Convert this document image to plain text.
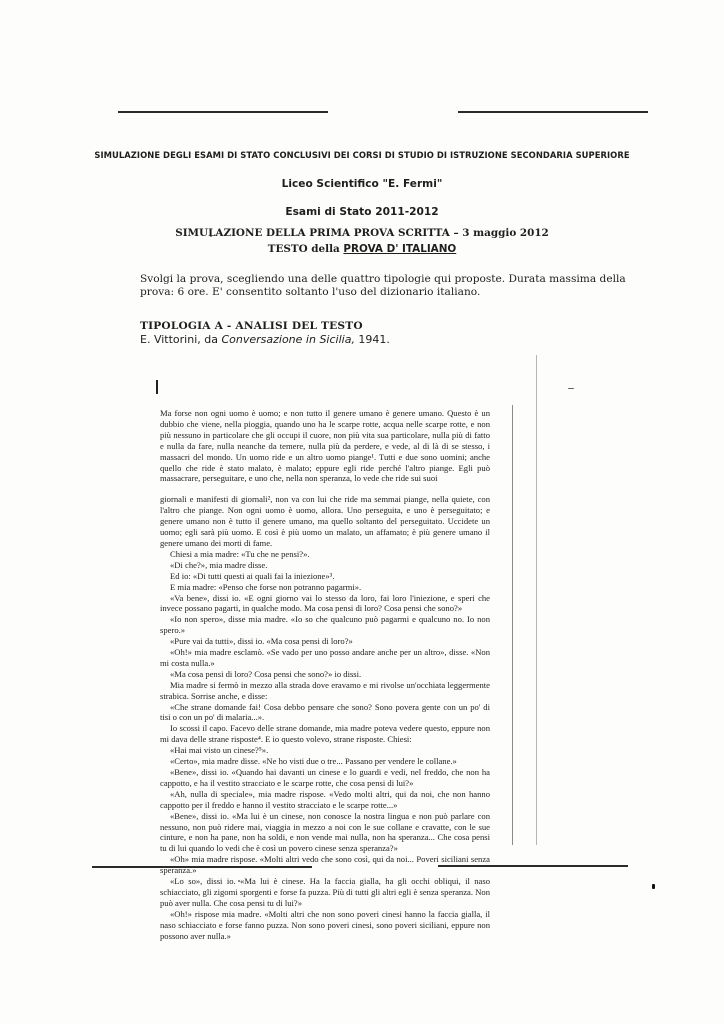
SIMULAZIONE DEGLI ESAMI DI STATO CONCLUSIVI DEI CORSI DI STUDIO DI ISTRUZIONE SECONDARIA SUPERIORE
Liceo Scientifico "E. Fermi"
Esami di Stato 2011-2012
SIMULAZIONE DELLA PRIMA PROVA SCRITTA – 3 maggio 2012
TESTO della PROVA D' ITALIANO
Svolgi la prova, scegliendo una delle quattro tipologie qui proposte. Durata massima della prova: 6 ore. E' consentito soltanto l'uso del dizionario italiano.
TIPOLOGIA A - ANALISI DEL TESTO
E. Vittorini, da Conversazione in Sicilia, 1941.

Ma forse non ogni uomo è uomo; e non tutto il genere umano è genere umano. Questo è un dubbio che viene, nella pioggia, quando uno ha le scarpe rotte, acqua nelle scarpe rotte, e non più nessuno in particolare che gli occupi il cuore, non più vita sua particolare, nulla più di fatto e nulla da fare, nulla neanche da temere, nulla più da perdere, e vede, al di là di se stesso, i massacri del mondo. Un uomo ride e un altro uomo piange¹. Tutti e due sono uomini; anche quello che ride è stato malato, è malato; eppure egli ride perché l'altro piange. Egli può massacrare, perseguitare, e uno che, nella non speranza, lo vede che ride sui suoi

giornali e manifesti di giornali², non va con lui che ride ma semmai piange, nella quiete, con l'altro che piange. Non ogni uomo è uomo, allora. Uno perseguita, e uno è perseguitato; e genere umano non è tutto il genere umano, ma quello soltanto del perseguitato. Uccidete un uomo; egli sarà più uomo. E così è più uomo un malato, un affamato; è più genere umano il genere umano dei morti di fame.

Chiesi a mia madre: «Tu che ne pensi?».

«Di che?», mia madre disse.

Ed io: «Di tutti questi ai quali fai la iniezione»³.

E mia madre: «Penso che forse non potranno pagarmi».

«Va bene», dissi io. «E ogni giorno vai lo stesso da loro, fai loro l'iniezione, e speri che invece possano pagarti, in qualche modo. Ma cosa pensi di loro? Cosa pensi che sono?»

«Io non spero», disse mia madre. «Io so che qualcuno può pagarmi e qualcuno no. Io non spero.»

«Pure vai da tutti», dissi io. «Ma cosa pensi di loro?»

«Oh!» mia madre esclamò. «Se vado per uno posso andare anche per un altro», disse. «Non mi costa nulla.»

«Ma cosa pensi di loro? Cosa pensi che sono?» io dissi.

Mia madre si fermò in mezzo alla strada dove eravamo e mi rivolse un'occhiata leggermente strabica. Sorrise anche, e disse:

«Che strane domande fai! Cosa debbo pensare che sono? Sono povera gente con un po' di tisi o con un po' di malaria...».

Io scossi il capo. Facevo delle strane domande, mia madre poteva vedere questo, eppure non mi dava delle strane risposte⁴. E io questo volevo, strane risposte. Chiesi:

«Hai mai visto un cinese?⁵».

«Certo», mia madre disse. «Ne ho visti due o tre... Passano per vendere le collane.»

«Bene», dissi io. «Quando hai davanti un cinese e lo guardi e vedi, nel freddo, che non ha cappotto, e ha il vestito stracciato e le scarpe rotte, che cosa pensi di lui?»

«Ah, nulla di speciale», mia madre rispose. «Vedo molti altri, qui da noi, che non hanno cappotto per il freddo e hanno il vestito stracciato e le scarpe rotte...»

«Bene», dissi io. «Ma lui è un cinese, non conosce la nostra lingua e non può parlare con nessuno, non può ridere mai, viaggia in mezzo a noi con le sue collane e cravatte, con le sue cinture, e non ha pane, non ha soldi, e non vende mai nulla, non ha speranza... Che cosa pensi tu di lui quando lo vedi che è così un povero cinese senza speranza?»

«Oh» mia madre rispose. «Molti altri vedo che sono così, qui da noi... Poveri siciliani senza speranza.»

«Lo so», dissi io. «Ma lui è cinese. Ha la faccia gialla, ha gli occhi obliqui, il naso schiacciato, gli zigomi sporgenti e forse fa puzza. Più di tutti gli altri egli è senza speranza. Non può aver nulla. Che cosa pensi tu di lui?»

«Oh!» rispose mia madre. «Molti altri che non sono poveri cinesi hanno la faccia gialla, il naso schiacciato e forse fanno puzza. Non sono poveri cinesi, sono poveri siciliani, eppure non possono aver nulla.»
